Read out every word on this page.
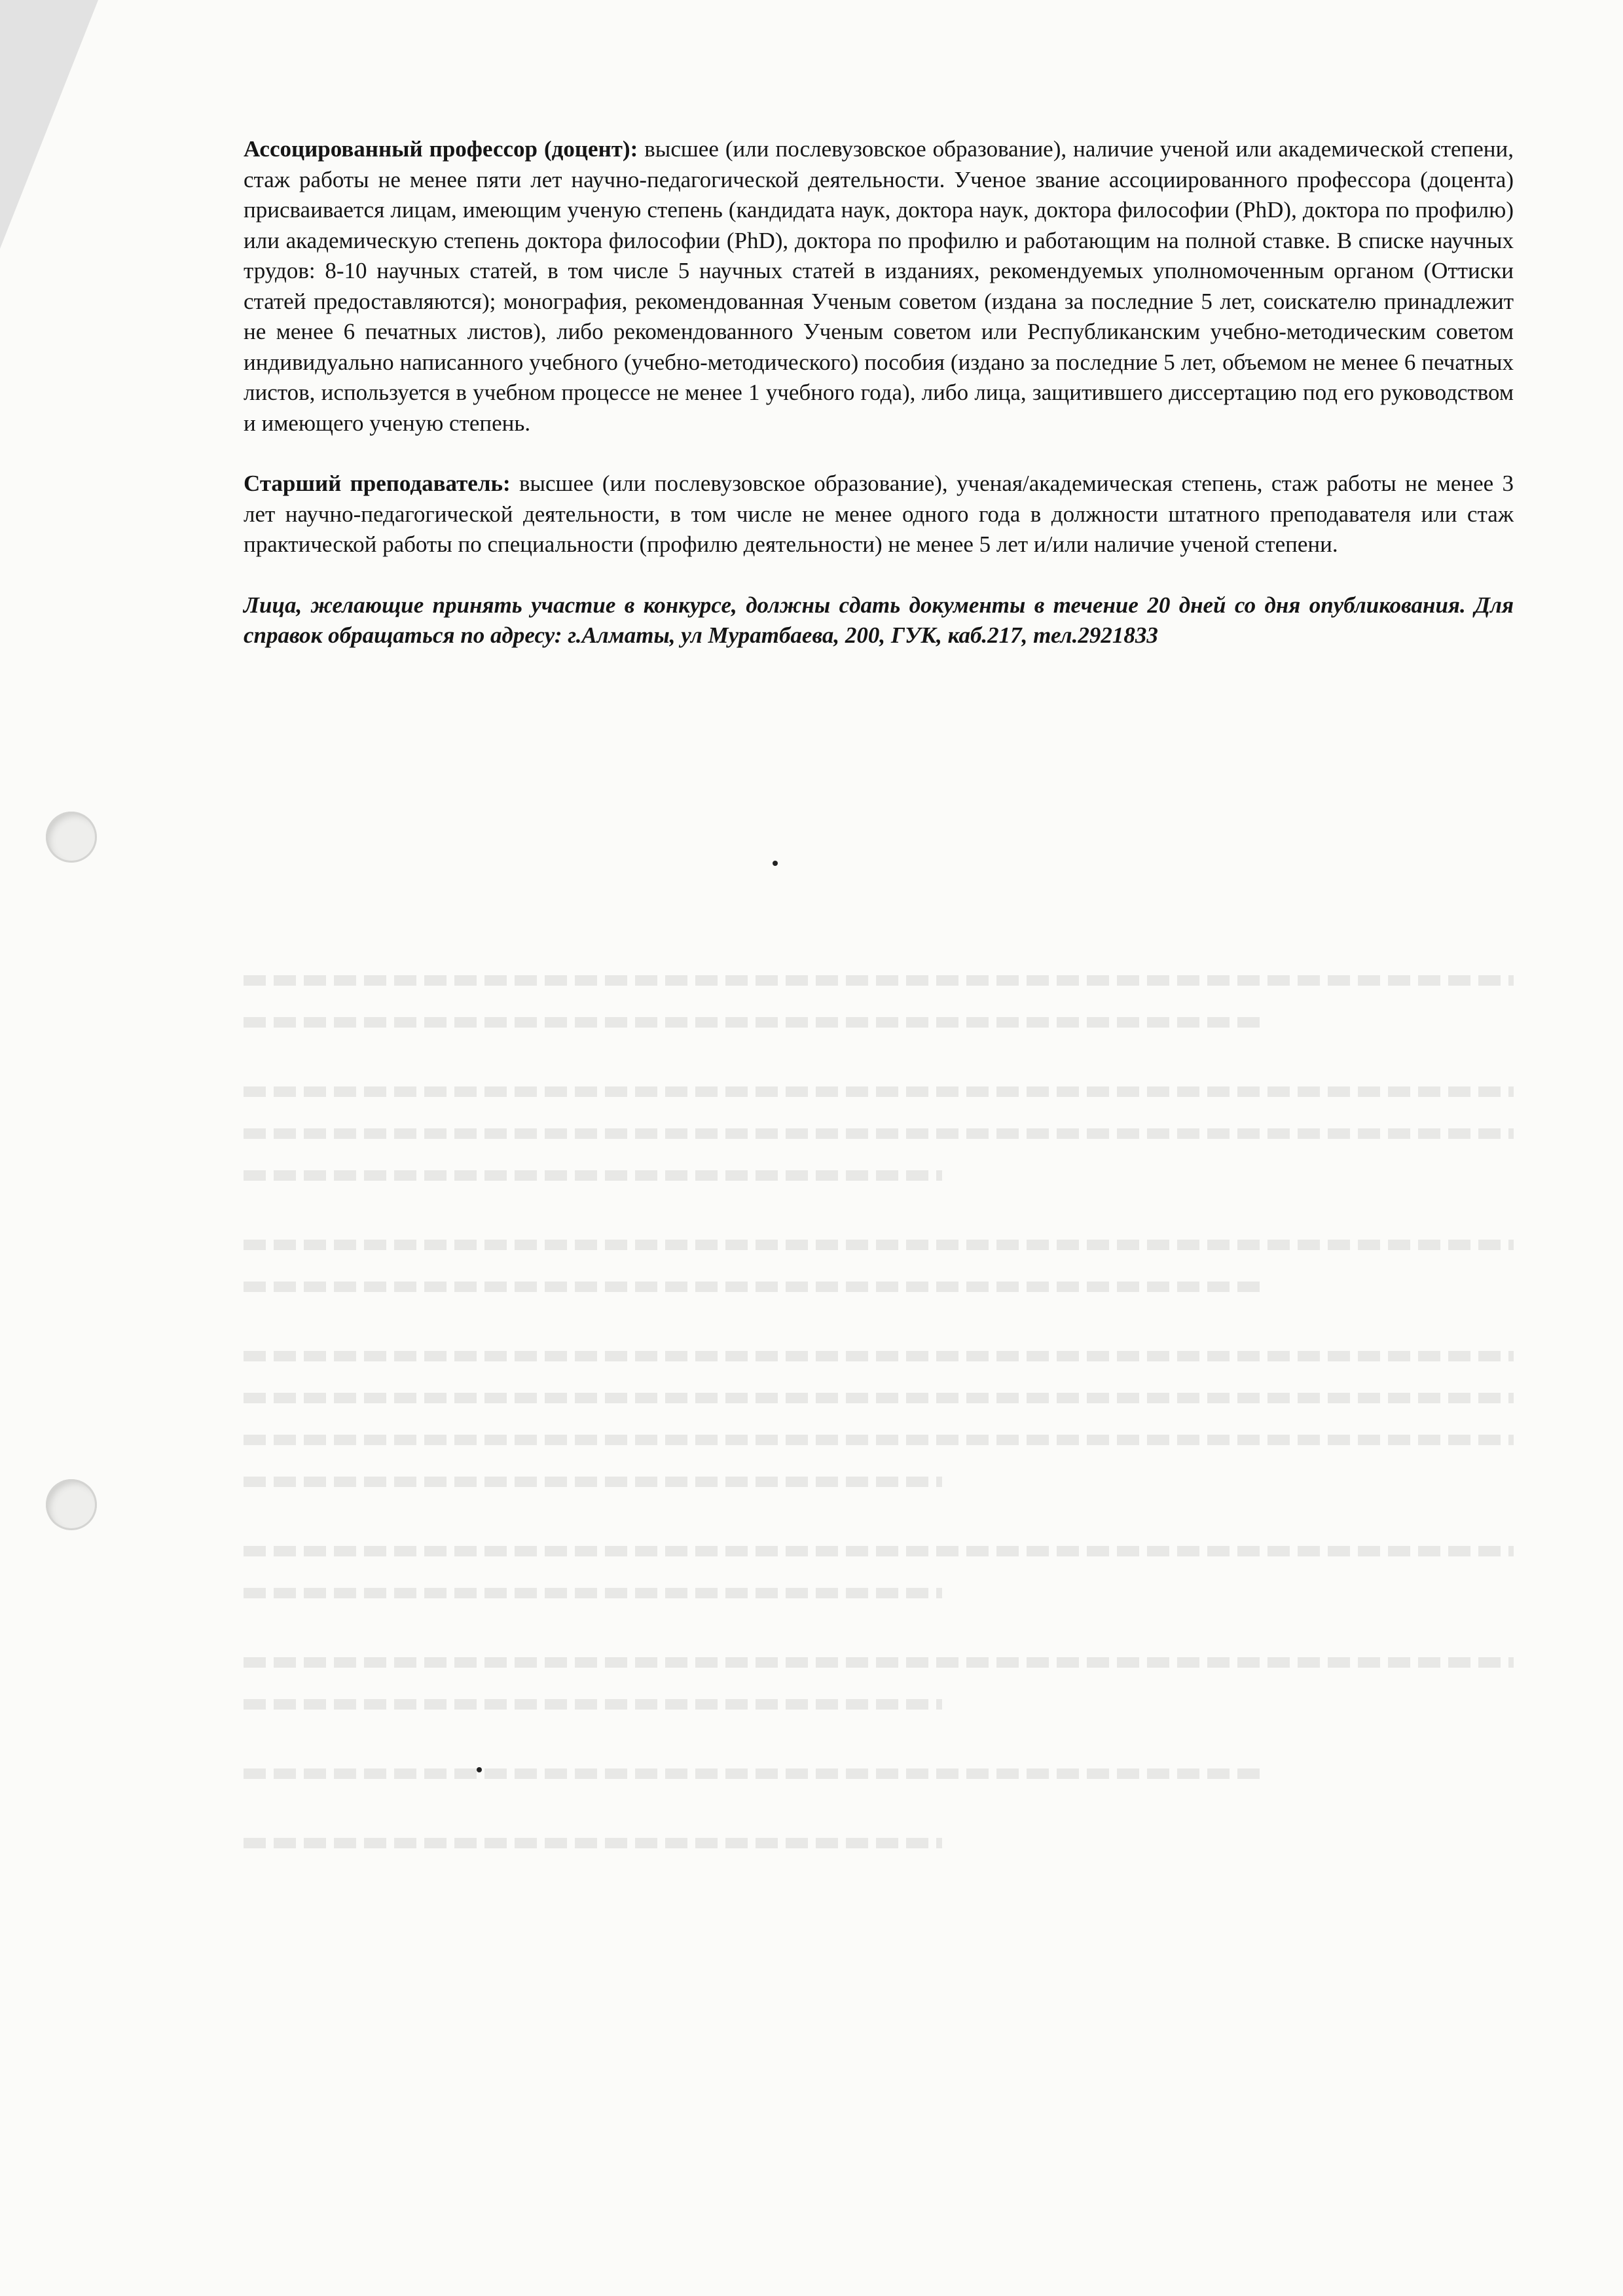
Ассоцированный профессор (доцент): высшее (или послевузовское образование), наличие ученой или академической степени, стаж работы не менее пяти лет научно-педагогической деятельности. Ученое звание ассоциированного профессора (доцента) присваивается лицам, имеющим ученую степень (кандидата наук, доктора наук, доктора философии (PhD), доктора по профилю) или академическую степень доктора философии (PhD), доктора по профилю и работающим на полной ставке. В списке научных трудов: 8-10 научных статей, в том числе 5 научных статей в изданиях, рекомендуемых уполномоченным органом (Оттиски статей предоставляются); монография, рекомендованная Ученым советом (издана за последние 5 лет, соискателю принадлежит не менее 6 печатных листов), либо рекомендованного Ученым советом или Республиканским учебно-методическим советом индивидуально написанного учебного (учебно-методического) пособия (издано за последние 5 лет, объемом не менее 6 печатных листов, используется в учебном процессе не менее 1 учебного года), либо лица, защитившего диссертацию под его руководством и имеющего ученую степень.

Старший преподаватель: высшее (или послевузовское образование), ученая/академическая степень, стаж работы не менее 3 лет научно-педагогической деятельности, в том числе не менее одного года в должности штатного преподавателя или стаж практической работы по специальности (профилю деятельности) не менее 5 лет и/или наличие ученой степени.

Лица, желающие принять участие в конкурсе, должны сдать документы в течение 20 дней со дня опубликования. Для справок обращаться по адресу: г.Алматы, ул Муратбаева, 200, ГУК, каб.217, тел.2921833
